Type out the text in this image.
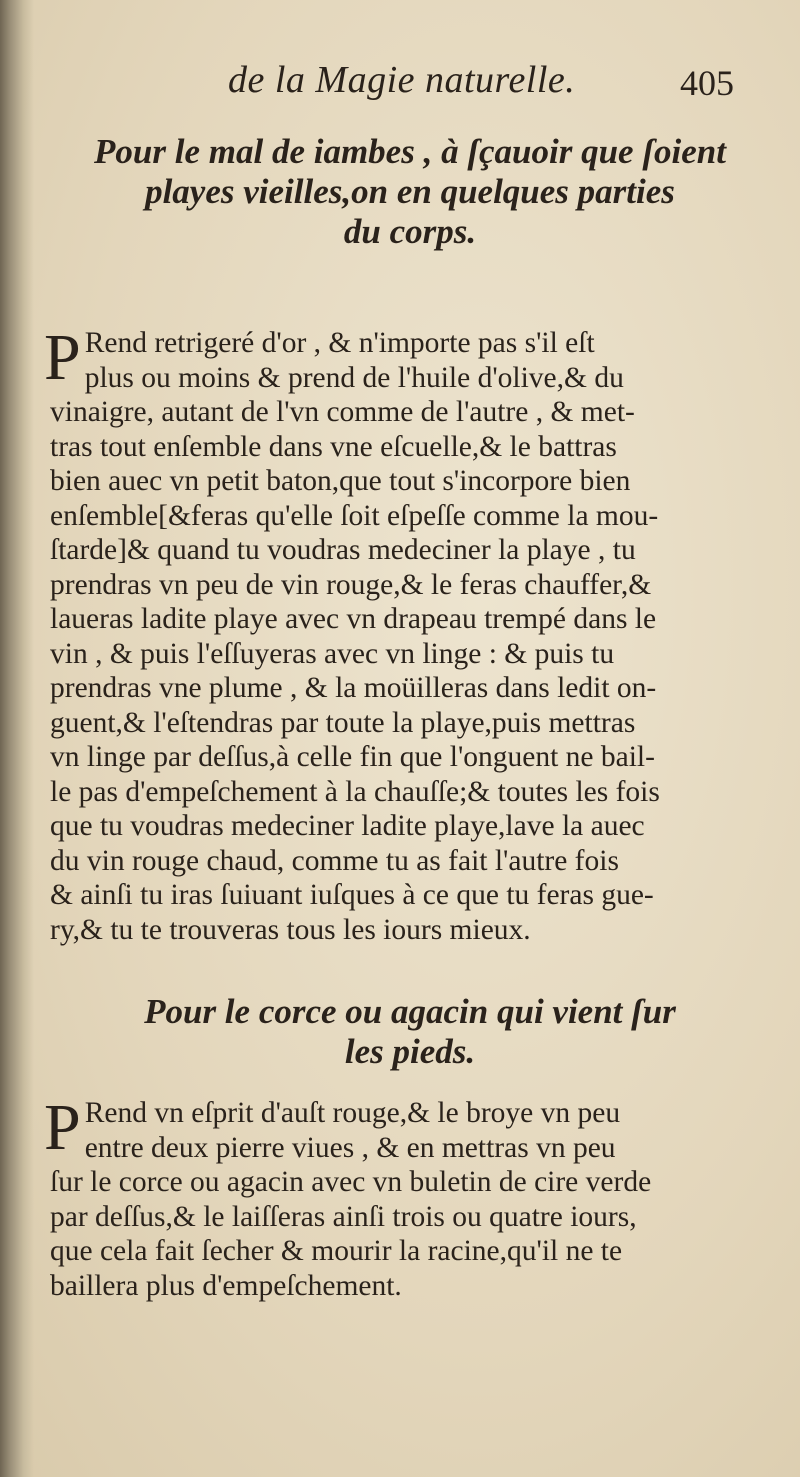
de la Magie naturelle.	405
Pour le mal de iambes , à ſçauoir que ſoient
playes vieilles,on en quelques parties
du corps.
P Rend retrigeré d'or , & n'importe pas s'il eſt
plus ou moins & prend de l'huile d'olive,& du
vinaigre, autant de l'vn comme de l'autre , & met-
tras tout enſemble dans vne eſcuelle,& le battras
bien auec vn petit baton,que tout s'incorpore bien
enſemble[&feras qu'elle ſoit eſpeſſe comme la mou-
ſtarde]& quand tu voudras medeciner la playe , tu
prendras vn peu de vin rouge,& le feras chauffer,&
laueras ladite playe avec vn drapeau trempé dans le
vin , & puis l'eſſuyeras avec vn linge : & puis tu
prendras vne plume , & la moüilleras dans ledit on-
guent,& l'eſtendras par toute la playe,puis mettras
vn linge par deſſus,à celle fin que l'onguent ne bail-
le pas d'empeſchement à la chauſſe;& toutes les fois
que tu voudras medeciner ladite playe,lave la auec
du vin rouge chaud, comme tu as fait l'autre fois
& ainſi tu iras ſuiuant iuſques à ce que tu feras gue-
ry,& tu te trouveras tous les iours mieux.
Pour le corce ou agacin qui vient ſur
les pieds.
P Rend vn eſprit d'auſt rouge,& le broye vn peu
entre deux pierre viues , & en mettras vn peu
ſur le corce ou agacin avec vn buletin de cire verde
par deſſus,& le laiſſeras ainſi trois ou quatre iours,
que cela fait ſecher & mourir la racine,qu'il ne te
baillera plus d'empeſchement.
